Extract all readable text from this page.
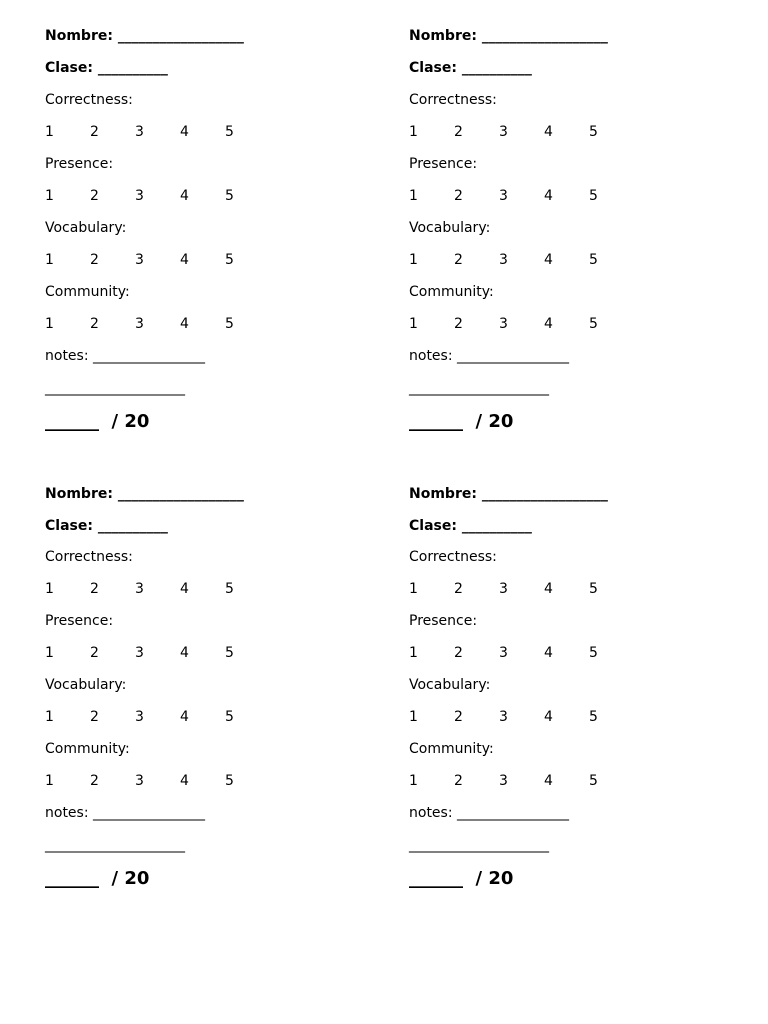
Nombre: __________________
Clase: __________
Correctness:
1	2	3	4	5
Presence:
1	2	3	4	5
Vocabulary:
1	2	3	4	5
Community:
1	2	3	4	5
notes: ________________
____________________
______  / 20
Nombre: __________________
Clase: __________
Correctness:
1	2	3	4	5
Presence:
1	2	3	4	5
Vocabulary:
1	2	3	4	5
Community:
1	2	3	4	5
notes: ________________
____________________
______  / 20
Nombre: __________________
Clase: __________
Correctness:
1	2	3	4	5
Presence:
1	2	3	4	5
Vocabulary:
1	2	3	4	5
Community:
1	2	3	4	5
notes: ________________
____________________
______  / 20
Nombre: __________________
Clase: __________
Correctness:
1	2	3	4	5
Presence:
1	2	3	4	5
Vocabulary:
1	2	3	4	5
Community:
1	2	3	4	5
notes: ________________
____________________
______  / 20
